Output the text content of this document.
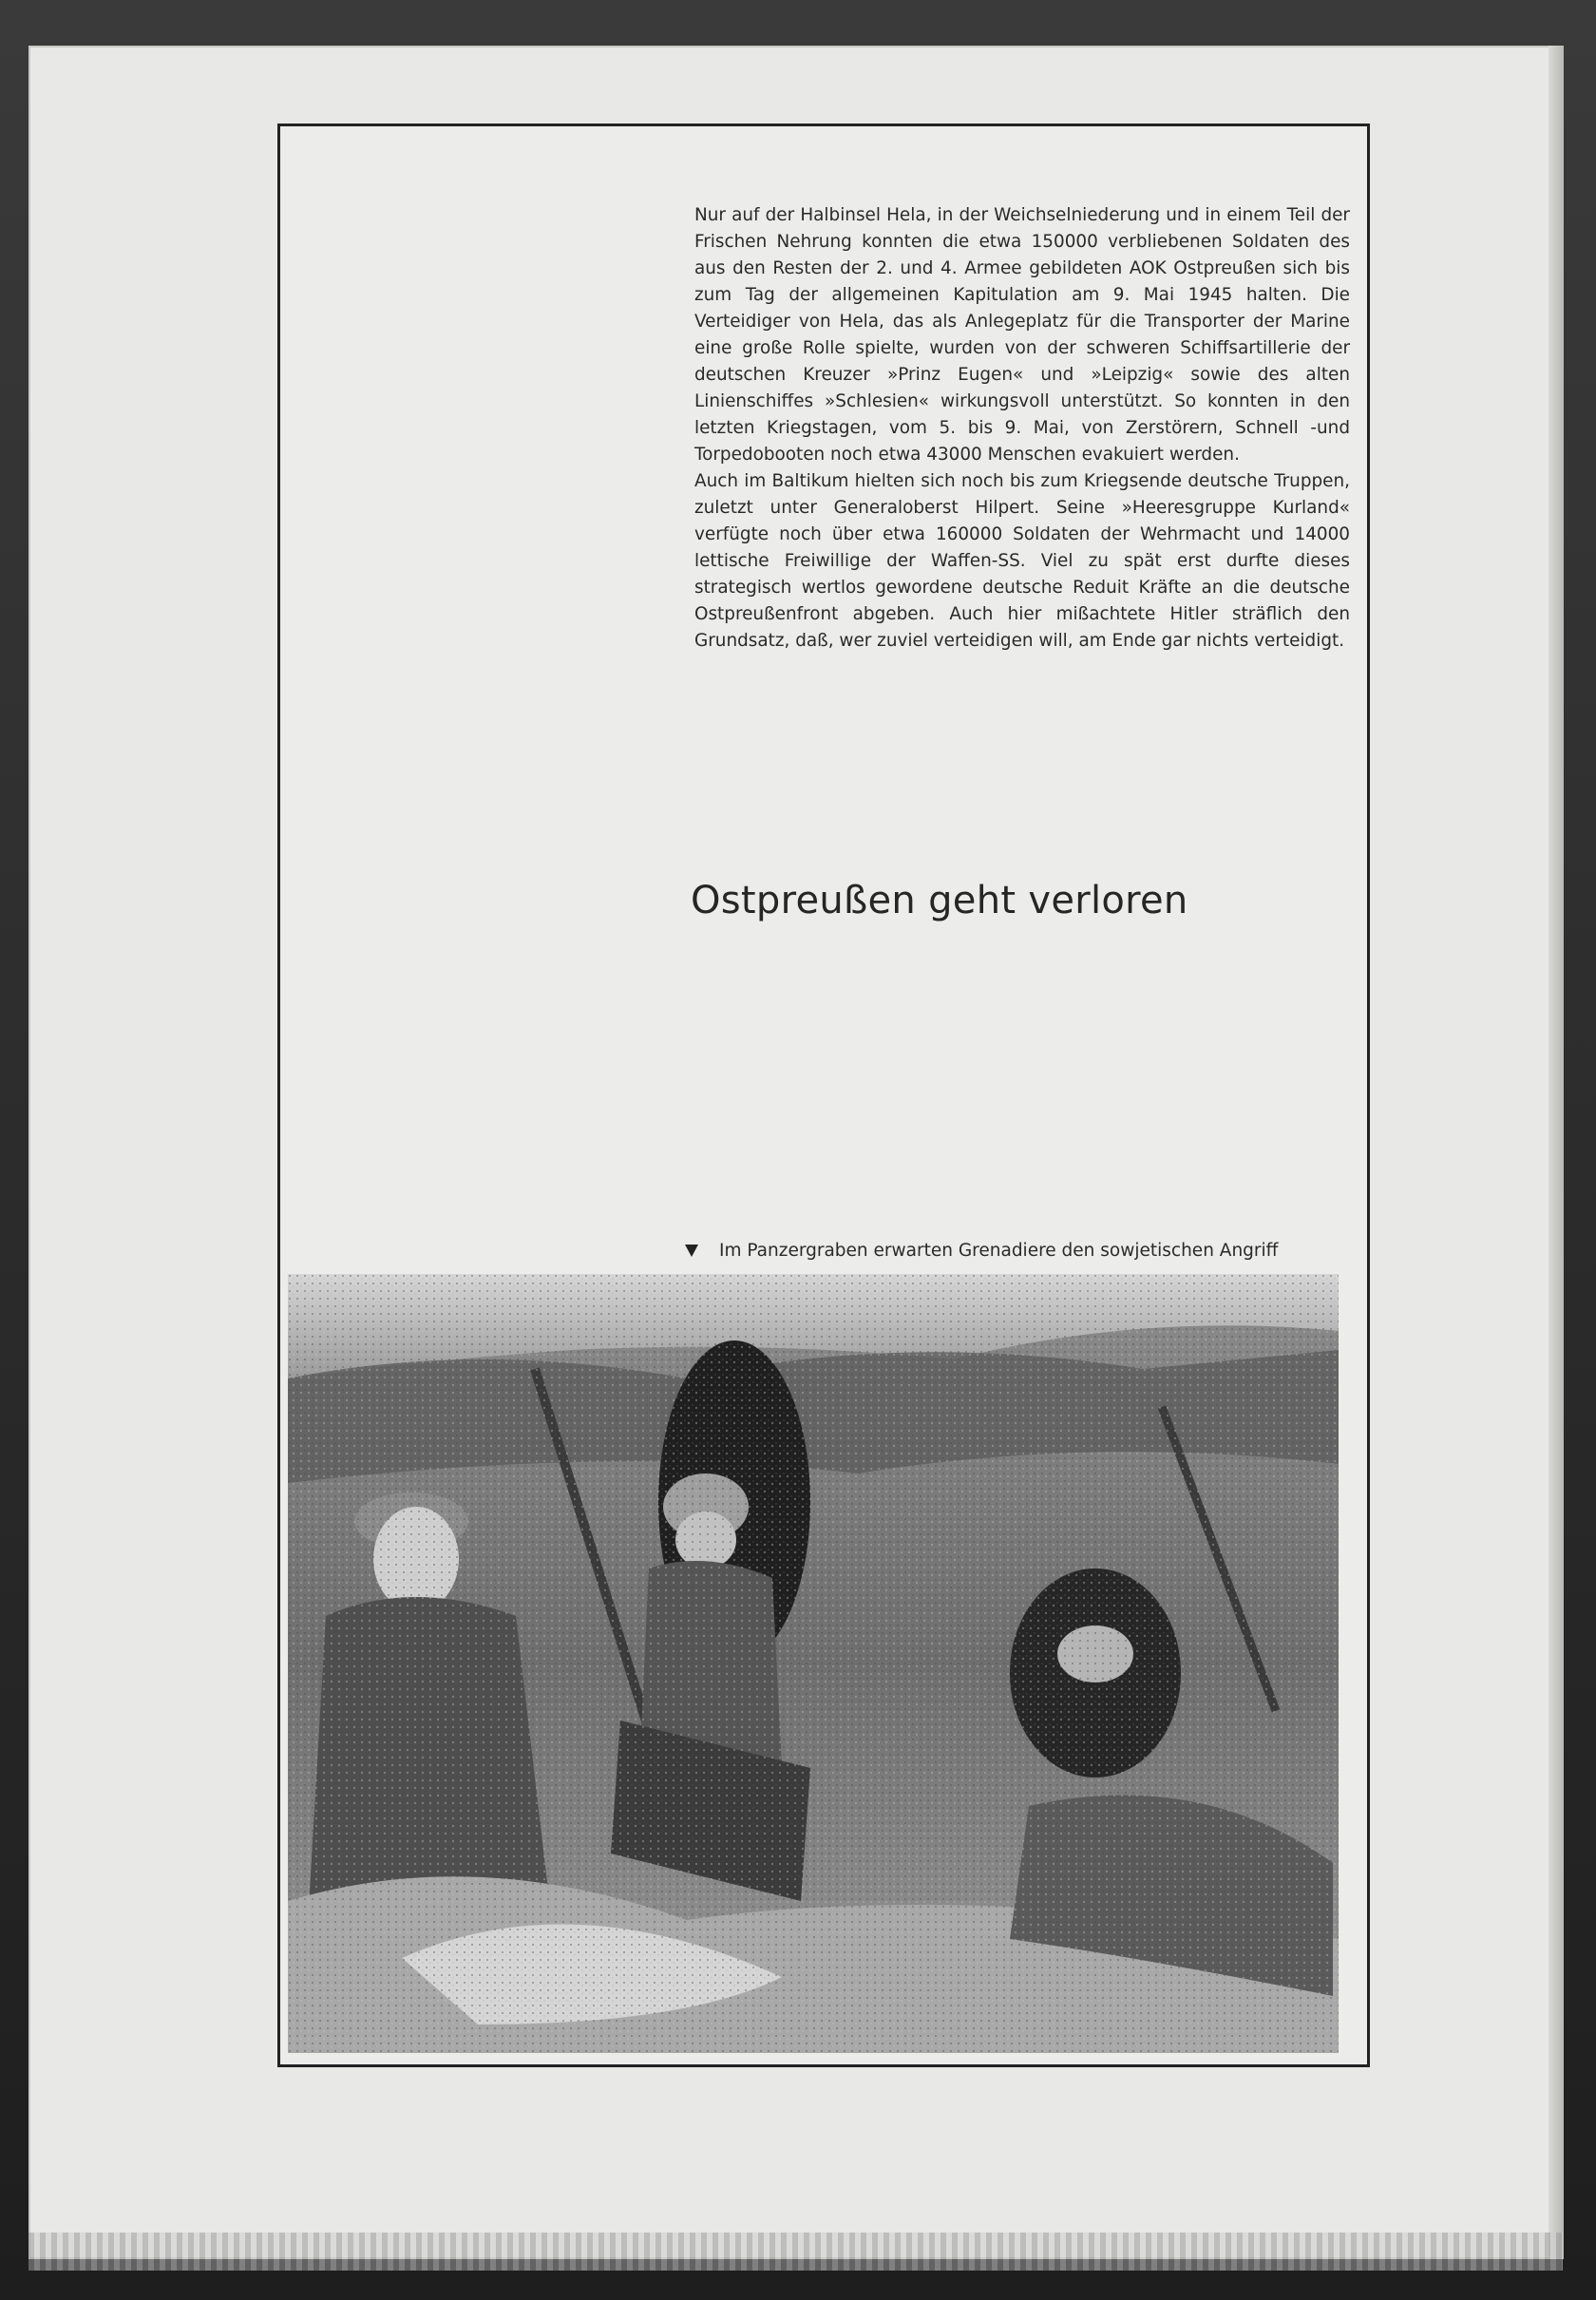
Nur auf der Halbinsel Hela, in der Weichselniederung und in einem Teil der Frischen Nehrung konnten die etwa 150000 verbliebenen Soldaten des aus den Resten der 2. und 4. Armee gebildeten AOK Ostpreußen sich bis zum Tag der allgemeinen Kapitulation am 9. Mai 1945 halten. Die Verteidiger von Hela, das als Anlegeplatz für die Transporter der Marine eine große Rolle spielte, wurden von der schweren Schiffsartillerie der deutschen Kreuzer »Prinz Eugen« und »Leipzig« sowie des alten Linienschiffes »Schlesien« wirkungsvoll unterstützt. So konnten in den letzten Kriegstagen, vom 5. bis 9. Mai, von Zerstörern, Schnell -und Torpedobooten noch etwa 43000 Menschen evakuiert werden.

Auch im Baltikum hielten sich noch bis zum Kriegsende deutsche Truppen, zuletzt unter Generaloberst Hilpert. Seine »Heeresgruppe Kurland« verfügte noch über etwa 160000 Soldaten der Wehrmacht und 14000 lettische Freiwillige der Waffen-SS. Viel zu spät erst durfte dieses strategisch wertlos gewordene deutsche Reduit Kräfte an die deutsche Ostpreußenfront abgeben. Auch hier mißachtete Hitler sträflich den Grundsatz, daß, wer zuviel verteidigen will, am Ende gar nichts verteidigt.

Ostpreußen geht verloren
Im Panzergraben erwarten Grenadiere den sowjetischen Angriff
